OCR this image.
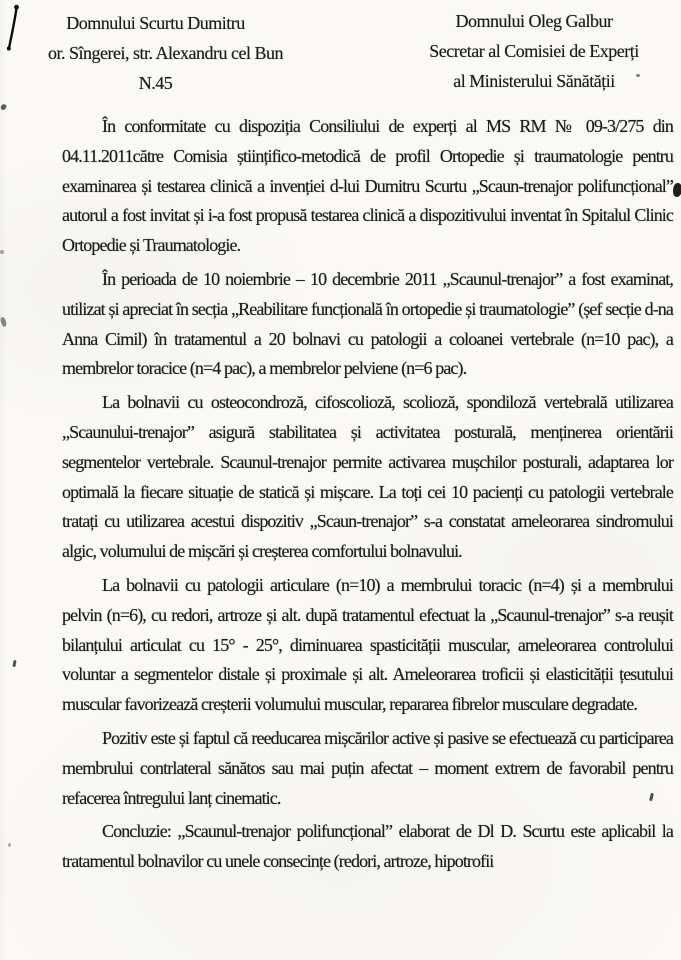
Domnului Scurtu Dumitru
or. Sîngerei, str. Alexandru cel Bun
N.45
Domnului Oleg Galbur
Secretar al Comisiei de Experți
al Ministerului Sănătății

În conformitate cu dispoziția Consiliului de experți al MS RM № 09-3/275 din 04.11.2011către Comisia științifico-metodică de profil Ortopedie și traumatologie pentru examinarea și testarea clinică a invenției d-lui Dumitru Scurtu „Scaun-trenajor polifuncțional” autorul a fost invitat și i-a fost propusă testarea clinică a dispozitivului inventat în Spitalul Clinic Ortopedie și Traumatologie.

În perioada de 10 noiembrie – 10 decembrie 2011 „Scaunul-trenajor” a fost examinat, utilizat și apreciat în secția „Reabilitare funcțională în ortopedie și traumatologie” (șef secție d-na Anna Cimil) în tratamentul a 20 bolnavi cu patologii a coloanei vertebrale (n=10 pac), a membrelor toracice (n=4 pac), a membrelor pelviene (n=6 pac).

La bolnavii cu osteocondroză, cifoscolioză, scolioză, spondiloză vertebrală utilizarea „Scaunului-trenajor” asigură stabilitatea și activitatea posturală, menținerea orientării segmentelor vertebrale. Scaunul-trenajor permite activarea mușchilor posturali, adaptarea lor optimală la fiecare situație de statică și mișcare. La toți cei 10 pacienți cu patologii vertebrale tratați cu utilizarea acestui dispozitiv „Scaun-trenajor” s-a constatat ameleorarea sindromului algic, volumului de mișcări și creșterea comfortului bolnavului.

La bolnavii cu patologii articulare (n=10) a membrului toracic (n=4) și a membrului pelvin (n=6), cu redori, artroze și alt. după tratamentul efectuat la „Scaunul-trenajor” s-a reușit bilanțului articulat cu 15° - 25°, diminuarea spasticității muscular, ameleorarea controlului voluntar a segmentelor distale și proximale și alt. Ameleorarea troficii și elasticității țesutului muscular favorizează creșterii volumului muscular, repararea fibrelor musculare degradate.

Pozitiv este și faptul că reeducarea mișcărilor active și pasive se efectuează cu participarea membrului contrlateral sănătos sau mai puțin afectat – moment extrem de favorabil pentru refacerea întregului lanț cinematic.

Concluzie: „Scaunul-trenajor polifuncțional” elaborat de Dl D. Scurtu este aplicabil la tratamentul bolnavilor cu unele consecințe (redori, artroze, hipotrofii
